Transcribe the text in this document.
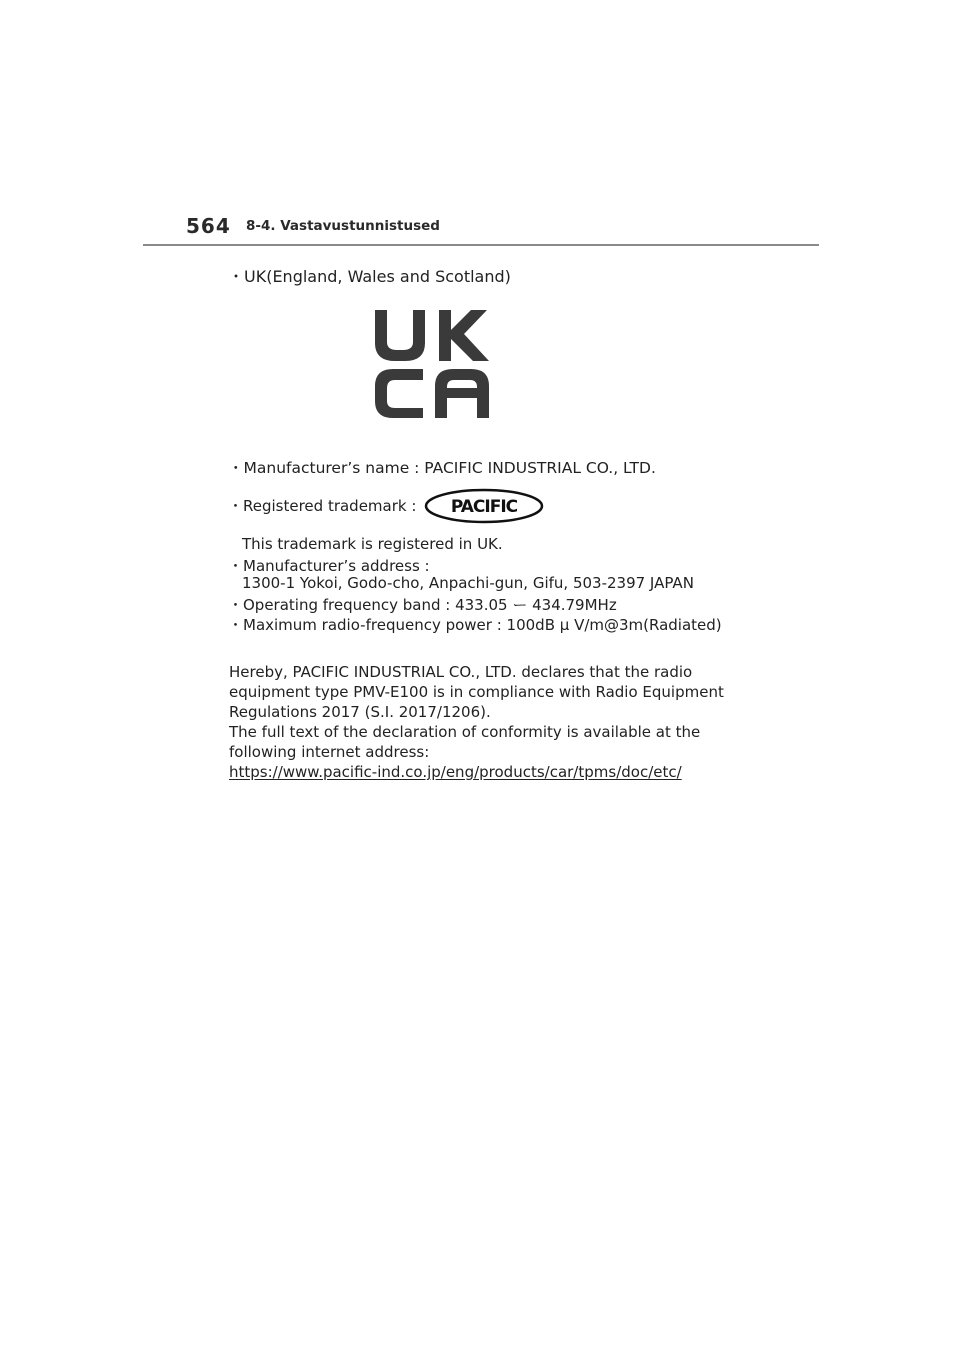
564 8-4. Vastavustunnistused
・UK(England, Wales and Scotland)
・Manufacturer’s name : PACIFIC INDUSTRIAL CO., LTD.
・Registered trademark : PACIFIC
This trademark is registered in UK.
・Manufacturer’s address :
1300-1 Yokoi, Godo-cho, Anpachi-gun, Gifu, 503-2397 JAPAN
・Operating frequency band : 433.05 ー 434.79MHz
・Maximum radio-frequency power : 100dB μ V/m@3m(Radiated)
Hereby, PACIFIC INDUSTRIAL CO., LTD. declares that the radio
equipment type PMV-E100 is in compliance with Radio Equipment
Regulations 2017 (S.I. 2017/1206).
The full text of the declaration of conformity is available at the
following internet address:
https://www.pacific-ind.co.jp/eng/products/car/tpms/doc/etc/
